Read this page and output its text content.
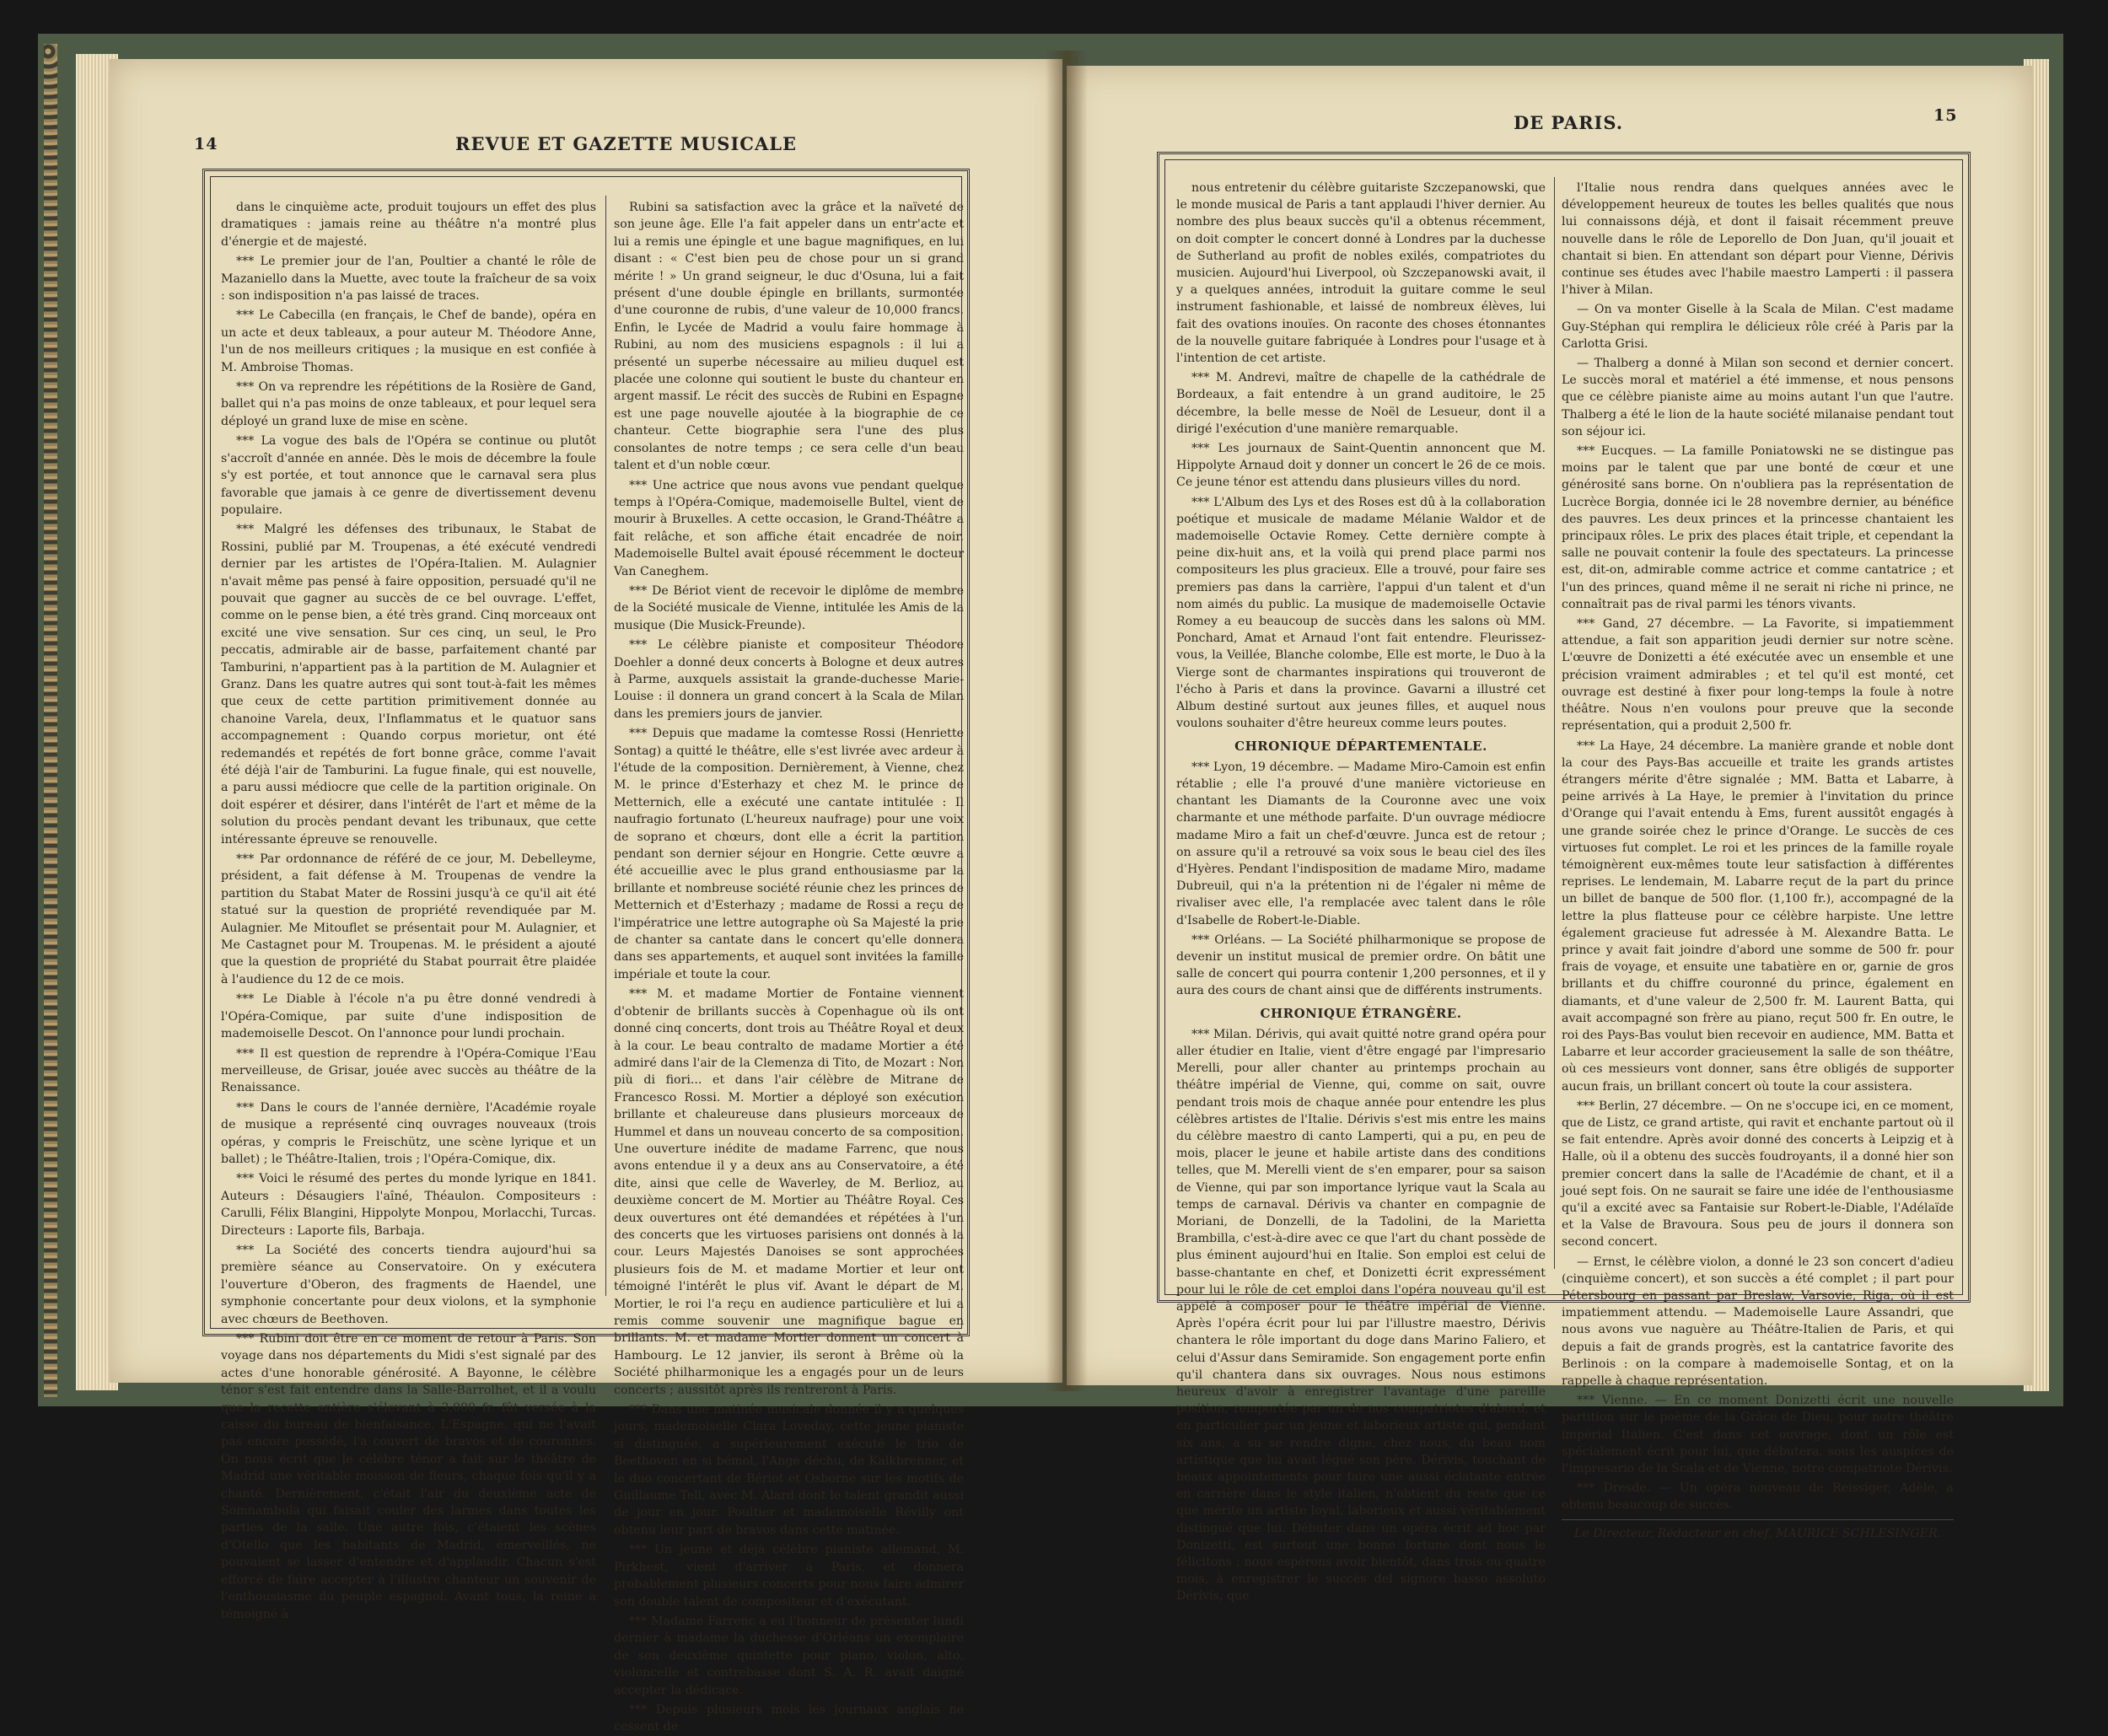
14	REVUE ET GAZETTE MUSICALE

dans le cinquième acte, produit toujours un effet des plus dramatiques : jamais reine au théâtre n'a montré plus d'énergie et de majesté.

*** Le premier jour de l'an, Poultier a chanté le rôle de Mazaniello dans la Muette, avec toute la fraîcheur de sa voix : son indisposition n'a pas laissé de traces.

*** Le Cabecilla (en français, le Chef de bande), opéra en un acte et deux tableaux, a pour auteur M. Théodore Anne, l'un de nos meilleurs critiques ; la musique en est confiée à M. Ambroise Thomas.

*** On va reprendre les répétitions de la Rosière de Gand, ballet qui n'a pas moins de onze tableaux, et pour lequel sera déployé un grand luxe de mise en scène.

*** La vogue des bals de l'Opéra se continue ou plutôt s'accroît d'année en année. Dès le mois de décembre la foule s'y est portée, et tout annonce que le carnaval sera plus favorable que jamais à ce genre de divertissement devenu populaire.

*** Malgré les défenses des tribunaux, le Stabat de Rossini, publié par M. Troupenas, a été exécuté vendredi dernier par les artistes de l'Opéra-Italien. M. Aulagnier n'avait même pas pensé à faire opposition, persuadé qu'il ne pouvait que gagner au succès de ce bel ouvrage. L'effet, comme on le pense bien, a été très grand. Cinq morceaux ont excité une vive sensation. Sur ces cinq, un seul, le Pro peccatis, admirable air de basse, parfaitement chanté par Tamburini, n'appartient pas à la partition de M. Aulagnier et Granz. Dans les quatre autres qui sont tout-à-fait les mêmes que ceux de cette partition primitivement donnée au chanoine Varela, deux, l'Inflammatus et le quatuor sans accompagnement : Quando corpus morietur, ont été redemandés et repétés de fort bonne grâce, comme l'avait été déjà l'air de Tamburini. La fugue finale, qui est nouvelle, a paru aussi médiocre que celle de la partition originale. On doit espérer et désirer, dans l'intérêt de l'art et même de la solution du procès pendant devant les tribunaux, que cette intéressante épreuve se renouvelle.

*** Par ordonnance de référé de ce jour, M. Debelleyme, président, a fait défense à M. Troupenas de vendre la partition du Stabat Mater de Rossini jusqu'à ce qu'il ait été statué sur la question de propriété revendiquée par M. Aulagnier. Me Mitouflet se présentait pour M. Aulagnier, et Me Castagnet pour M. Troupenas. M. le président a ajouté que la question de propriété du Stabat pourrait être plaidée à l'audience du 12 de ce mois.

*** Le Diable à l'école n'a pu être donné vendredi à l'Opéra-Comique, par suite d'une indisposition de mademoiselle Descot. On l'annonce pour lundi prochain.

*** Il est question de reprendre à l'Opéra-Comique l'Eau merveilleuse, de Grisar, jouée avec succès au théâtre de la Renaissance.

*** Dans le cours de l'année dernière, l'Académie royale de musique a représenté cinq ouvrages nouveaux (trois opéras, y compris le Freischütz, une scène lyrique et un ballet) ; le Théâtre-Italien, trois ; l'Opéra-Comique, dix.

*** Voici le résumé des pertes du monde lyrique en 1841. Auteurs : Désaugiers l'aîné, Théaulon. Compositeurs : Carulli, Félix Blangini, Hippolyte Monpou, Morlacchi, Turcas. Directeurs : Laporte fils, Barbaja.

*** La Société des concerts tiendra aujourd'hui sa première séance au Conservatoire. On y exécutera l'ouverture d'Oberon, des fragments de Haendel, une symphonie concertante pour deux violons, et la symphonie avec chœurs de Beethoven.

*** Rubini doit être en ce moment de retour à Paris. Son voyage dans nos départements du Midi s'est signalé par des actes d'une honorable générosité. A Bayonne, le célèbre ténor s'est fait entendre dans la Salle-Barrolhet, et il a voulu que la recette entière s'élevant à 3,000 fr. fût versée à la caisse du bureau de bienfaisance. L'Espagne, qui ne l'avait pas encore possédé, l'a couvert de bravos et de couronnes. On nous écrit que le célèbre ténor a fait sur le théâtre de Madrid une véritable moisson de fleurs, chaque fois qu'il y a chanté. Dernièrement, c'était l'air du deuxième acte de Somnambula qui faisait couler des larmes dans toutes les parties de la salle. Une autre fois, c'étaient les scènes d'Otello que les habitants de Madrid, émerveillés, ne pouvaient se lasser d'entendre et d'applaudir. Chacun s'est efforcé de faire accepter à l'illustre chanteur un souvenir de l'enthousiasme du peuple espagnol. Avant tous, la reine a témoigné à

Rubini sa satisfaction avec la grâce et la naïveté de son jeune âge. Elle l'a fait appeler dans un entr'acte et lui a remis une épingle et une bague magnifiques, en lui disant : « C'est bien peu de chose pour un si grand mérite ! » Un grand seigneur, le duc d'Osuna, lui a fait présent d'une double épingle en brillants, surmontée d'une couronne de rubis, d'une valeur de 10,000 francs. Enfin, le Lycée de Madrid a voulu faire hommage à Rubini, au nom des musiciens espagnols : il lui a présenté un superbe nécessaire au milieu duquel est placée une colonne qui soutient le buste du chanteur en argent massif. Le récit des succès de Rubini en Espagne est une page nouvelle ajoutée à la biographie de ce chanteur. Cette biographie sera l'une des plus consolantes de notre temps ; ce sera celle d'un beau talent et d'un noble cœur.

*** Une actrice que nous avons vue pendant quelque temps à l'Opéra-Comique, mademoiselle Bultel, vient de mourir à Bruxelles. A cette occasion, le Grand-Théâtre a fait relâche, et son affiche était encadrée de noir. Mademoiselle Bultel avait épousé récemment le docteur Van Caneghem.

*** De Bériot vient de recevoir le diplôme de membre de la Société musicale de Vienne, intitulée les Amis de la musique (Die Musick-Freunde).

*** Le célèbre pianiste et compositeur Théodore Doehler a donné deux concerts à Bologne et deux autres à Parme, auxquels assistait la grande-duchesse Marie-Louise : il donnera un grand concert à la Scala de Milan dans les premiers jours de janvier.

*** Depuis que madame la comtesse Rossi (Henriette Sontag) a quitté le théâtre, elle s'est livrée avec ardeur à l'étude de la composition. Dernièrement, à Vienne, chez M. le prince d'Esterhazy et chez M. le prince de Metternich, elle a exécuté une cantate intitulée : Il naufragio fortunato (L'heureux naufrage) pour une voix de soprano et chœurs, dont elle a écrit la partition pendant son dernier séjour en Hongrie. Cette œuvre a été accueillie avec le plus grand enthousiasme par la brillante et nombreuse société réunie chez les princes de Metternich et d'Esterhazy ; madame de Rossi a reçu de l'impératrice une lettre autographe où Sa Majesté la prie de chanter sa cantate dans le concert qu'elle donnera dans ses appartements, et auquel sont invitées la famille impériale et toute la cour.

*** M. et madame Mortier de Fontaine viennent d'obtenir de brillants succès à Copenhague où ils ont donné cinq concerts, dont trois au Théâtre Royal et deux à la cour. Le beau contralto de madame Mortier a été admiré dans l'air de la Clemenza di Tito, de Mozart : Non più di fiori... et dans l'air célèbre de Mitrane de Francesco Rossi. M. Mortier a déployé son exécution brillante et chaleureuse dans plusieurs morceaux de Hummel et dans un nouveau concerto de sa composition. Une ouverture inédite de madame Farrenc, que nous avons entendue il y a deux ans au Conservatoire, a été dite, ainsi que celle de Waverley, de M. Berlioz, au deuxième concert de M. Mortier au Théâtre Royal. Ces deux ouvertures ont été demandées et répétées à l'un des concerts que les virtuoses parisiens ont donnés à la cour. Leurs Majestés Danoises se sont approchées plusieurs fois de M. et madame Mortier et leur ont témoigné l'intérêt le plus vif. Avant le départ de M. Mortier, le roi l'a reçu en audience particulière et lui a remis comme souvenir une magnifique bague en brillants. M. et madame Mortier donnent un concert à Hambourg. Le 12 janvier, ils seront à Brême où la Société philharmonique les a engagés pour un de leurs concerts ; aussitôt après ils rentreront à Paris.

*** Dans une matinée musicale donnée il y a quelques jours, mademoiselle Clara Loveday, cette jeune pianiste si distinguée, a supérieurement exécuté le trio de Beethoven en si bémol, l'Ange déchu, de Kalkbrenner, et le duo concertant de Bériot et Osborne sur les motifs de Guillaume Tell, avec M. Alard dont le talent grandit aussi de jour en jour. Poultier et mademoiselle Révilly ont obtenu leur part de bravos dans cette matinée.

*** Un jeune et déjà célèbre pianiste allemand, M. Pirkhest, vient d'arriver à Paris, et donnera probablement plusieurs concerts pour nous faire admirer son double talent de compositeur et d'exécutant.

*** Madame Farrenc a eu l'honneur de présenter lundi dernier à madame la duchesse d'Orléans un exemplaire de son deuxième quintette pour piano, violon, alto, violoncelle et contrebasse dont S. A. R. avait daigné accepter la dédicace.

*** Depuis plusieurs mois les journaux anglais ne cessent de

DE PARIS.	15

nous entretenir du célèbre guitariste Szczepanowski, que le monde musical de Paris a tant applaudi l'hiver dernier. Au nombre des plus beaux succès qu'il a obtenus récemment, on doit compter le concert donné à Londres par la duchesse de Sutherland au profit de nobles exilés, compatriotes du musicien. Aujourd'hui Liverpool, où Szczepanowski avait, il y a quelques années, introduit la guitare comme le seul instrument fashionable, et laissé de nombreux élèves, lui fait des ovations inouïes. On raconte des choses étonnantes de la nouvelle guitare fabriquée à Londres pour l'usage et à l'intention de cet artiste.

*** M. Andrevi, maître de chapelle de la cathédrale de Bordeaux, a fait entendre à un grand auditoire, le 25 décembre, la belle messe de Noël de Lesueur, dont il a dirigé l'exécution d'une manière remarquable.

*** Les journaux de Saint-Quentin annoncent que M. Hippolyte Arnaud doit y donner un concert le 26 de ce mois. Ce jeune ténor est attendu dans plusieurs villes du nord.

*** L'Album des Lys et des Roses est dû à la collaboration poétique et musicale de madame Mélanie Waldor et de mademoiselle Octavie Romey. Cette dernière compte à peine dix-huit ans, et la voilà qui prend place parmi nos compositeurs les plus gracieux. Elle a trouvé, pour faire ses premiers pas dans la carrière, l'appui d'un talent et d'un nom aimés du public. La musique de mademoiselle Octavie Romey a eu beaucoup de succès dans les salons où MM. Ponchard, Amat et Arnaud l'ont fait entendre. Fleurissez-vous, la Veillée, Blanche colombe, Elle est morte, le Duo à la Vierge sont de charmantes inspirations qui trouveront de l'écho à Paris et dans la province. Gavarni a illustré cet Album destiné surtout aux jeunes filles, et auquel nous voulons souhaiter d'être heureux comme leurs poutes.

CHRONIQUE DÉPARTEMENTALE.

*** Lyon, 19 décembre. — Madame Miro-Camoin est enfin rétablie ; elle l'a prouvé d'une manière victorieuse en chantant les Diamants de la Couronne avec une voix charmante et une méthode parfaite. D'un ouvrage médiocre madame Miro a fait un chef-d'œuvre. Junca est de retour ; on assure qu'il a retrouvé sa voix sous le beau ciel des îles d'Hyères. Pendant l'indisposition de madame Miro, madame Dubreuil, qui n'a la prétention ni de l'égaler ni même de rivaliser avec elle, l'a remplacée avec talent dans le rôle d'Isabelle de Robert-le-Diable.

*** Orléans. — La Société philharmonique se propose de devenir un institut musical de premier ordre. On bâtit une salle de concert qui pourra contenir 1,200 personnes, et il y aura des cours de chant ainsi que de différents instruments.

CHRONIQUE ÉTRANGÈRE.

*** Milan. Dérivis, qui avait quitté notre grand opéra pour aller étudier en Italie, vient d'être engagé par l'impresario Merelli, pour aller chanter au printemps prochain au théâtre impérial de Vienne, qui, comme on sait, ouvre pendant trois mois de chaque année pour entendre les plus célèbres artistes de l'Italie. Dérivis s'est mis entre les mains du célèbre maestro di canto Lamperti, qui a pu, en peu de mois, placer le jeune et habile artiste dans des conditions telles, que M. Merelli vient de s'en emparer, pour sa saison de Vienne, qui par son importance lyrique vaut la Scala au temps de carnaval. Dérivis va chanter en compagnie de Moriani, de Donzelli, de la Tadolini, de la Marietta Brambilla, c'est-à-dire avec ce que l'art du chant possède de plus éminent aujourd'hui en Italie. Son emploi est celui de basse-chantante en chef, et Donizetti écrit expressément pour lui le rôle de cet emploi dans l'opéra nouveau qu'il est appelé à composer pour le théâtre impérial de Vienne. Après l'opéra écrit pour lui par l'illustre maestro, Dérivis chantera le rôle important du doge dans Marino Faliero, et celui d'Assur dans Semiramide. Son engagement porte enfin qu'il chantera dans six ouvrages. Nous nous estimons heureux d'avoir à enregistrer l'avantage d'une pareille position, remportée par un de nos compatriotes d'abord, et en particulier par un jeune et laborieux artiste qui, pendant six ans, a su se rendre digne, chez nous, du beau nom artistique que lui avait légué son père. Dérivis, touchant de beaux appointements pour faire une aussi éclatante entrée en carrière dans le style italien, n'obtient du reste que ce que mérite un artiste loyal, laborieux et aussi véritablement distingué que lui. Débuter dans un opéra écrit ad hoc par Donizetti, est surtout une bonne fortune dont nous le félicitons ; nous espérons avoir bientôt, dans trois ou quatre mois, à enregistrer le succès del signore basso assoluto Dérivis, que

l'Italie nous rendra dans quelques années avec le développement heureux de toutes les belles qualités que nous lui connaissons déjà, et dont il faisait récemment preuve nouvelle dans le rôle de Leporello de Don Juan, qu'il jouait et chantait si bien. En attendant son départ pour Vienne, Dérivis continue ses études avec l'habile maestro Lamperti : il passera l'hiver à Milan.

— On va monter Giselle à la Scala de Milan. C'est madame Guy-Stéphan qui remplira le délicieux rôle créé à Paris par la Carlotta Grisi.

— Thalberg a donné à Milan son second et dernier concert. Le succès moral et matériel a été immense, et nous pensons que ce célèbre pianiste aime au moins autant l'un que l'autre. Thalberg a été le lion de la haute société milanaise pendant tout son séjour ici.

*** Eucques. — La famille Poniatowski ne se distingue pas moins par le talent que par une bonté de cœur et une générosité sans borne. On n'oubliera pas la représentation de Lucrèce Borgia, donnée ici le 28 novembre dernier, au bénéfice des pauvres. Les deux princes et la princesse chantaient les principaux rôles. Le prix des places était triple, et cependant la salle ne pouvait contenir la foule des spectateurs. La princesse est, dit-on, admirable comme actrice et comme cantatrice ; et l'un des princes, quand même il ne serait ni riche ni prince, ne connaîtrait pas de rival parmi les ténors vivants.

*** Gand, 27 décembre. — La Favorite, si impatiemment attendue, a fait son apparition jeudi dernier sur notre scène. L'œuvre de Donizetti a été exécutée avec un ensemble et une précision vraiment admirables ; et tel qu'il est monté, cet ouvrage est destiné à fixer pour long-temps la foule à notre théâtre. Nous n'en voulons pour preuve que la seconde représentation, qui a produit 2,500 fr.

*** La Haye, 24 décembre. La manière grande et noble dont la cour des Pays-Bas accueille et traite les grands artistes étrangers mérite d'être signalée ; MM. Batta et Labarre, à peine arrivés à La Haye, le premier à l'invitation du prince d'Orange qui l'avait entendu à Ems, furent aussitôt engagés à une grande soirée chez le prince d'Orange. Le succès de ces virtuoses fut complet. Le roi et les princes de la famille royale témoignèrent eux-mêmes toute leur satisfaction à différentes reprises. Le lendemain, M. Labarre reçut de la part du prince un billet de banque de 500 flor. (1,100 fr.), accompagné de la lettre la plus flatteuse pour ce célèbre harpiste. Une lettre également gracieuse fut adressée à M. Alexandre Batta. Le prince y avait fait joindre d'abord une somme de 500 fr. pour frais de voyage, et ensuite une tabatière en or, garnie de gros brillants et du chiffre couronné du prince, également en diamants, et d'une valeur de 2,500 fr. M. Laurent Batta, qui avait accompagné son frère au piano, reçut 500 fr. En outre, le roi des Pays-Bas voulut bien recevoir en audience, MM. Batta et Labarre et leur accorder gracieusement la salle de son théâtre, où ces messieurs vont donner, sans être obligés de supporter aucun frais, un brillant concert où toute la cour assistera.

*** Berlin, 27 décembre. — On ne s'occupe ici, en ce moment, que de Listz, ce grand artiste, qui ravit et enchante partout où il se fait entendre. Après avoir donné des concerts à Leipzig et à Halle, où il a obtenu des succès foudroyants, il a donné hier son premier concert dans la salle de l'Académie de chant, et il a joué sept fois. On ne saurait se faire une idée de l'enthousiasme qu'il a excité avec sa Fantaisie sur Robert-le-Diable, l'Adélaïde et la Valse de Bravoura. Sous peu de jours il donnera son second concert.

— Ernst, le célèbre violon, a donné le 23 son concert d'adieu (cinquième concert), et son succès a été complet ; il part pour Pétersbourg en passant par Breslaw, Varsovie, Riga, où il est impatiemment attendu. — Mademoiselle Laure Assandri, que nous avons vue naguère au Théâtre-Italien de Paris, et qui depuis a fait de grands progrès, est la cantatrice favorite des Berlinois : on la compare à mademoiselle Sontag, et on la rappelle à chaque représentation.

*** Vienne. — En ce moment Donizetti écrit une nouvelle partition sur le poème de la Grâce de Dieu, pour notre théâtre impérial Italien. C'est dans cet ouvrage, dont un rôle est spécialement écrit pour lui, que débutera, sous les auspices de l'impresario de la Scala et de Vienne, notre compatriote Dérivis.

*** Dresde. — Un opéra nouveau de Reissiger, Adèle, a obtenu beaucoup de succès.

Le Directeur, Rédacteur en chef, MAURICE SCHLESINGER.
